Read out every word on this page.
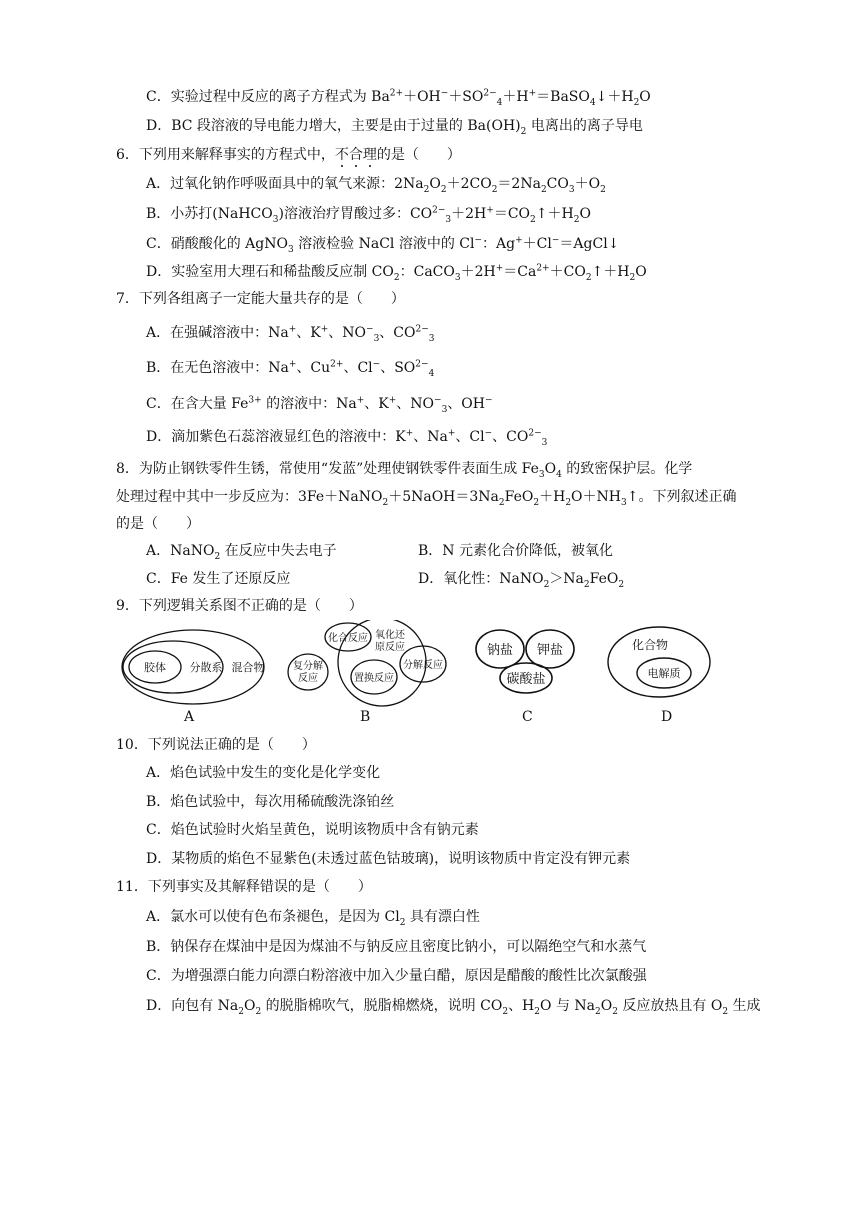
C．实验过程中反应的离子方程式为 $Ba^{2+}+OH^-+SO^{2-}_4+H^+=BaSO_4↓+H_2O$
D．BC 段溶液的导电能力增大，主要是由于过量的 $Ba(OH)_2$ 电离出的离子导电
6．下列用来解释事实的方程式中，不合理的是（　　）
A．过氧化钠作呼吸面具中的氧气来源：$2Na_2O_2+2CO_2=2Na_2CO_3+O_2$
B．小苏打(NaHCO$_3$)溶液治疗胃酸过多：$CO^{2-}_3+2H^+=CO_2↑+H_2O$
C．硝酸酸化的 AgNO$_3$ 溶液检验 NaCl 溶液中的 Cl−：Ag+＋Cl−＝AgCl↓
D．实验室用大理石和稀盐酸反应制 $CO_2$：$CaCO_3+2H^+=Ca^{2+}+CO_2↑+H_2O$
7．下列各组离子一定能大量共存的是（　　）
A．在强碱溶液中：Na+、K+、$NO^-_3$、$CO^{2-}_3$
B．在无色溶液中：Na+、$Cu^{2+}$、Cl−、$SO^{2-}_4$
C．在含大量 $Fe^{3+}$ 的溶液中：Na+、K+、$NO^-_3$、OH−
D．滴加紫色石蕊溶液显红色的溶液中：K+、Na+、Cl−、$CO^{2-}_3$
8．为防止钢铁零件生锈，常使用“发蓝”处理使钢铁零件表面生成 $Fe_3O_4$ 的致密保护层。化学
处理过程中其中一步反应为：$3Fe+NaNO_2+5NaOH=3Na_2FeO_2+H_2O+NH_3↑$。下列叙述正确
的是（　　）
A．NaNO$_2$ 在反应中失去电子	B．N 元素化合价降低，被氧化
C．Fe 发生了还原反应	D．氧化性：$NaNO_2>Na_2FeO_2$
9．下列逻辑关系图不正确的是（　　）
胶体 分散系 混合物
A
化合反应 氧化还
原反应
复分解
反应	置换反应
分解反应
B
钠盐 钾盐
碳酸盐
C
化合物
电解质
D
10．下列说法正确的是（　　）
A．焰色试验中发生的变化是化学变化
B．焰色试验中，每次用稀硫酸洗涤铂丝
C．焰色试验时火焰呈黄色，说明该物质中含有钠元素
D．某物质的焰色不显紫色(未透过蓝色钴玻璃)，说明该物质中肯定没有钾元素
11．下列事实及其解释错误的是（　　）
A．氯水可以使有色布条褪色，是因为 $Cl_2$ 具有漂白性
B．钠保存在煤油中是因为煤油不与钠反应且密度比钠小，可以隔绝空气和水蒸气
C．为增强漂白能力向漂白粉溶液中加入少量白醋，原因是醋酸的酸性比次氯酸强
D．向包有 $Na_2O_2$ 的脱脂棉吹气，脱脂棉燃烧，说明 $CO_2$、$H_2O$ 与 $Na_2O_2$ 反应放热且有 $O_2$ 生成
